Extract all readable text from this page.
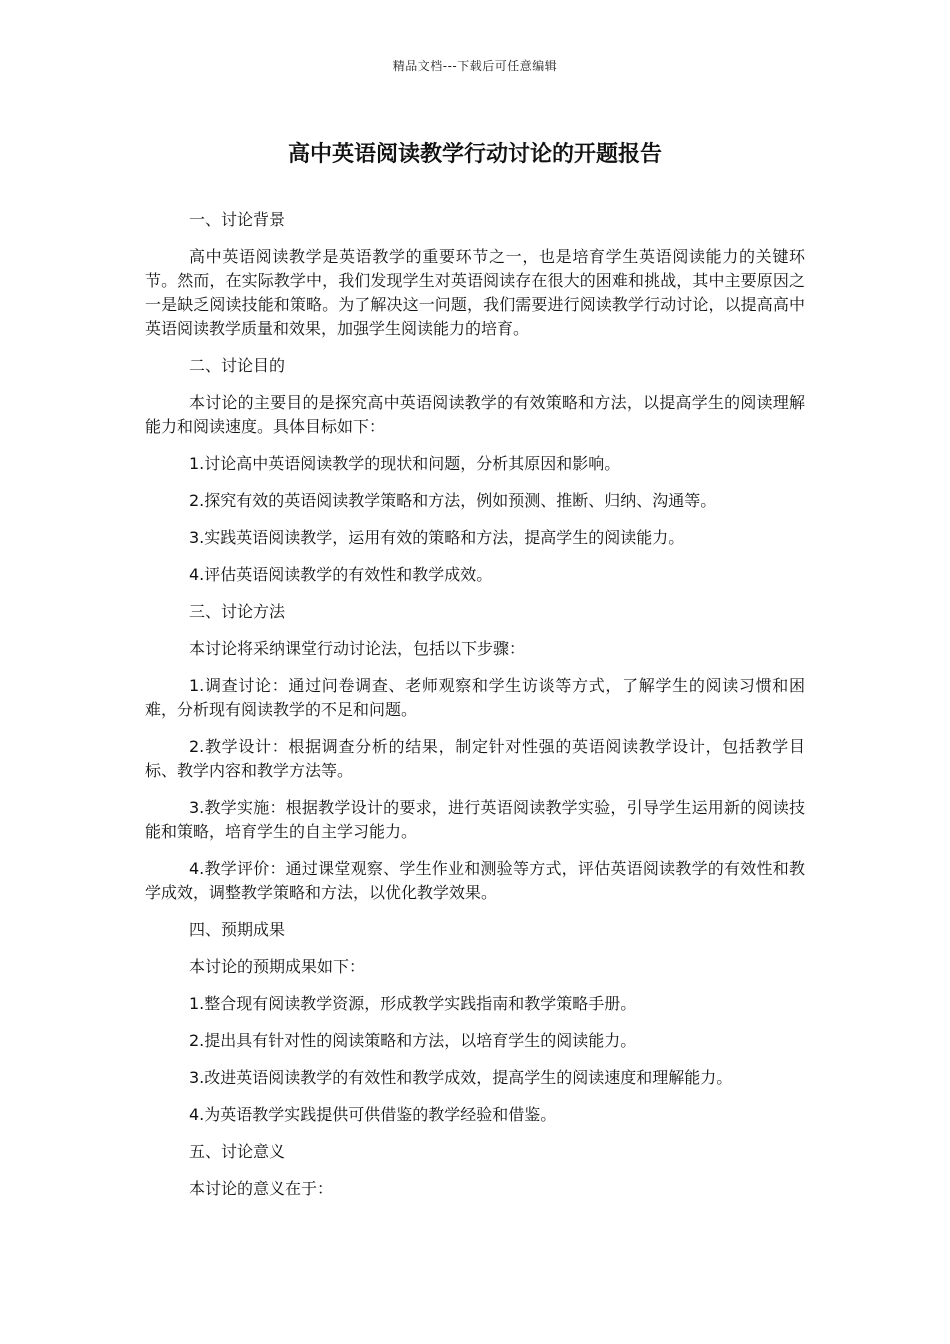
精品文档---下载后可任意编辑
高中英语阅读教学行动讨论的开题报告

一、讨论背景

高中英语阅读教学是英语教学的重要环节之一，也是培育学生英语阅读能力的关键环节。然而，在实际教学中，我们发现学生对英语阅读存在很大的困难和挑战，其中主要原因之一是缺乏阅读技能和策略。为了解决这一问题，我们需要进行阅读教学行动讨论，以提高高中英语阅读教学质量和效果，加强学生阅读能力的培育。

二、讨论目的

本讨论的主要目的是探究高中英语阅读教学的有效策略和方法，以提高学生的阅读理解能力和阅读速度。具体目标如下：

1.讨论高中英语阅读教学的现状和问题，分析其原因和影响。

2.探究有效的英语阅读教学策略和方法，例如预测、推断、归纳、沟通等。

3.实践英语阅读教学，运用有效的策略和方法，提高学生的阅读能力。

4.评估英语阅读教学的有效性和教学成效。

三、讨论方法

本讨论将采纳课堂行动讨论法，包括以下步骤：

1.调查讨论：通过问卷调查、老师观察和学生访谈等方式，了解学生的阅读习惯和困难，分析现有阅读教学的不足和问题。

2.教学设计：根据调查分析的结果，制定针对性强的英语阅读教学设计，包括教学目标、教学内容和教学方法等。

3.教学实施：根据教学设计的要求，进行英语阅读教学实验，引导学生运用新的阅读技能和策略，培育学生的自主学习能力。

4.教学评价：通过课堂观察、学生作业和测验等方式，评估英语阅读教学的有效性和教学成效，调整教学策略和方法，以优化教学效果。

四、预期成果

本讨论的预期成果如下：

1.整合现有阅读教学资源，形成教学实践指南和教学策略手册。

2.提出具有针对性的阅读策略和方法，以培育学生的阅读能力。

3.改进英语阅读教学的有效性和教学成效，提高学生的阅读速度和理解能力。

4.为英语教学实践提供可供借鉴的教学经验和借鉴。

五、讨论意义

本讨论的意义在于：
